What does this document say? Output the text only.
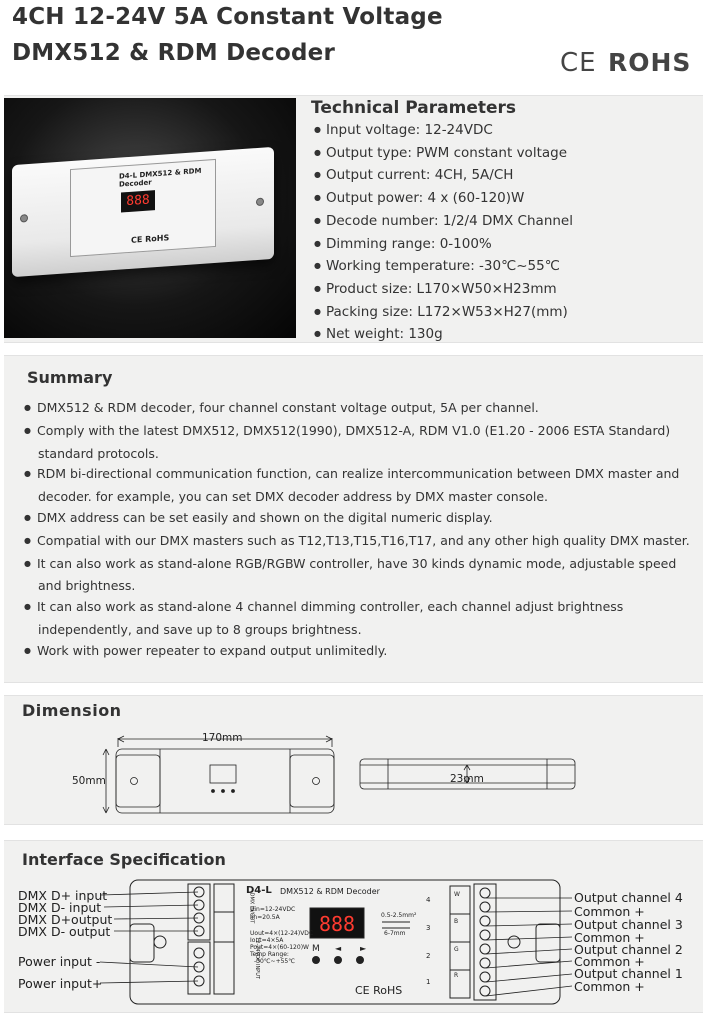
4CH 12-24V 5A Constant Voltage
DMX512 & RDM Decoder	CE ROHS
D4-L DMX512 & RDM Decoder
888
CE RoHS
Technical Parameters
● Input voltage: 12-24VDC
● Output type: PWM constant voltage
● Output current: 4CH, 5A/CH
● Output power: 4 x (60-120)W
● Decode number: 1/2/4 DMX Channel
● Dimming range: 0-100%
● Working temperature: -30℃~55℃
● Product size: L170×W50×H23mm
● Packing size: L172×W53×H27(mm)
● Net weight: 130g
Summary
● DMX512 & RDM decoder, four channel constant voltage output, 5A per channel.
● Comply with the latest DMX512, DMX512(1990), DMX512-A, RDM V1.0 (E1.20 - 2006 ESTA Standard) standard protocols.
● RDM bi-directional communication function, can realize intercommunication between DMX master and decoder. for example, you can set DMX decoder address by DMX master console.
● DMX address can be set easily and shown on the digital numeric display.
● Compatial with our DMX masters such as T12,T13,T15,T16,T17, and any other high quality DMX master.
● It can also work as stand-alone RGB/RGBW controller, have 30 kinds dynamic mode, adjustable speed and brightness.
● It can also work as stand-alone 4 channel dimming controller, each channel adjust brightness independently, and save up to 8 groups brightness.
● Work with power repeater to expand output unlimitedly.
Dimension
170mm
50mm	23mm
Interface Specification
888
DMX D+ input
DMX D- input
DMX D+output
DMX D- output
Power input -
Power input+
Output channel 4
Common +
Output channel 3
Common +
Output channel 2
Common +
Output channel 1
Common +
D4-L DMX512 & RDM Decoder
Uin=12-24VDC
Iin=20.5A
Uout=4×(12-24)VDC
Iout=4×5A
Pout=4×(60-120)W
Temp Range:
-30℃~+55℃
0.5-2.5mm²
6-7mm
M ◄ ►
CE RoHS
12-24VDC INPUT
DMX IN/OUT	4
3
2
1
W
B
G
R
